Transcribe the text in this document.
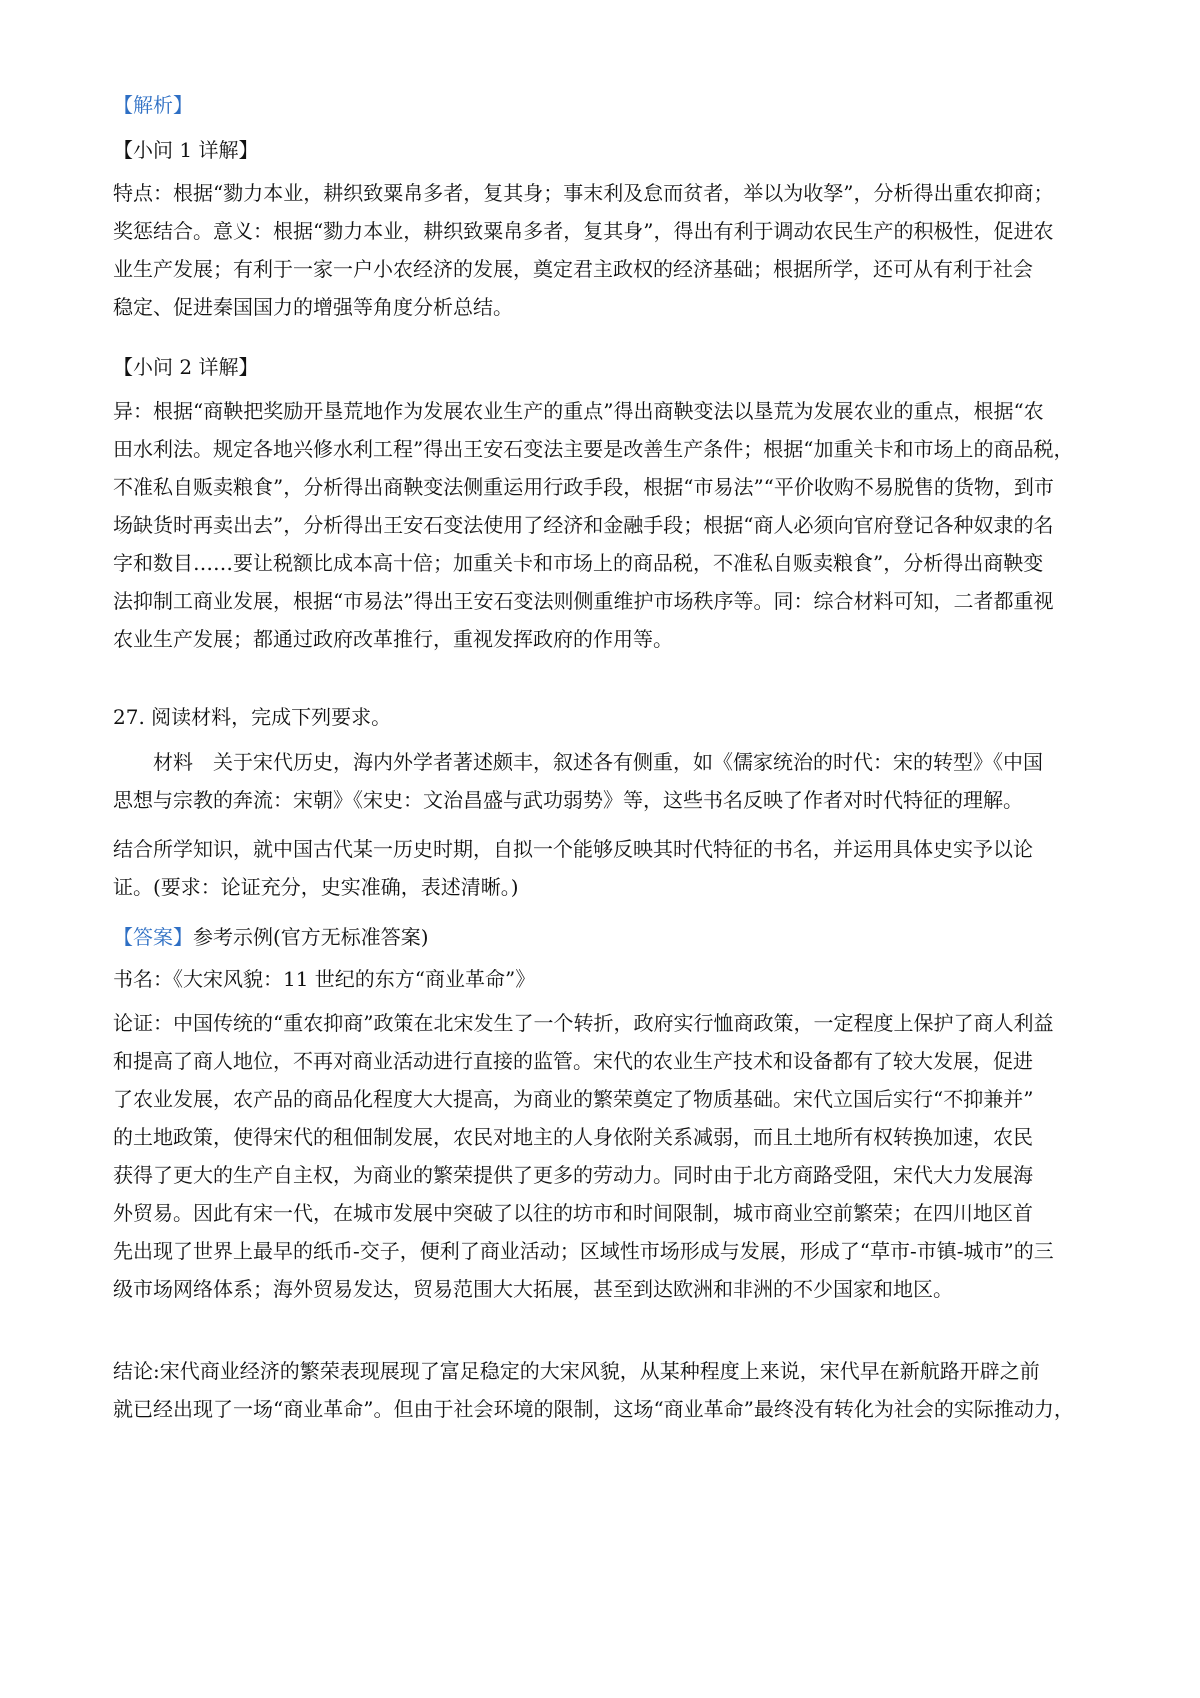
【解析】

【小问 1 详解】

特点：根据“勠力本业，耕织致粟帛多者，复其身；事末利及怠而贫者，举以为收孥”，分析得出重农抑商；
奖惩结合。意义：根据“勠力本业，耕织致粟帛多者，复其身”，得出有利于调动农民生产的积极性，促进农
业生产发展；有利于一家一户小农经济的发展，奠定君主政权的经济基础；根据所学，还可从有利于社会
稳定、促进秦国国力的增强等角度分析总结。

【小问 2 详解】

异：根据“商鞅把奖励开垦荒地作为发展农业生产的重点”得出商鞅变法以垦荒为发展农业的重点，根据“农
田水利法。规定各地兴修水利工程”得出王安石变法主要是改善生产条件；根据“加重关卡和市场上的商品税，
不准私自贩卖粮食”，分析得出商鞅变法侧重运用行政手段，根据“市易法”“平价收购不易脱售的货物，到市
场缺货时再卖出去”，分析得出王安石变法使用了经济和金融手段；根据“商人必须向官府登记各种奴隶的名
字和数目……要让税额比成本高十倍；加重关卡和市场上的商品税，不准私自贩卖粮食”，分析得出商鞅变
法抑制工商业发展，根据“市易法”得出王安石变法则侧重维护市场秩序等。同：综合材料可知，二者都重视
农业生产发展；都通过政府改革推行，重视发挥政府的作用等。

27. 阅读材料，完成下列要求。

材料　关于宋代历史，海内外学者著述颇丰，叙述各有侧重，如《儒家统治的时代：宋的转型》《中国
思想与宗教的奔流：宋朝》《宋史：文治昌盛与武功弱势》等，这些书名反映了作者对时代特征的理解。
结合所学知识，就中国古代某一历史时期，自拟一个能够反映其时代特征的书名，并运用具体史实予以论
证。(要求：论证充分，史实准确，表述清晰。)

【答案】参考示例(官方无标准答案)

书名：《大宋风貌：11 世纪的东方“商业革命”》

论证：中国传统的“重农抑商”政策在北宋发生了一个转折，政府实行恤商政策，一定程度上保护了商人利益
和提高了商人地位，不再对商业活动进行直接的监管。宋代的农业生产技术和设备都有了较大发展，促进
了农业发展，农产品的商品化程度大大提高，为商业的繁荣奠定了物质基础。宋代立国后实行“不抑兼并”
的土地政策，使得宋代的租佃制发展，农民对地主的人身依附关系减弱，而且土地所有权转换加速，农民
获得了更大的生产自主权，为商业的繁荣提供了更多的劳动力。同时由于北方商路受阻，宋代大力发展海
外贸易。因此有宋一代，在城市发展中突破了以往的坊市和时间限制，城市商业空前繁荣；在四川地区首
先出现了世界上最早的纸币-交子，便利了商业活动；区域性市场形成与发展，形成了“草市-市镇-城市”的三
级市场网络体系；海外贸易发达，贸易范围大大拓展，甚至到达欧洲和非洲的不少国家和地区。
结论:宋代商业经济的繁荣表现展现了富足稳定的大宋风貌，从某种程度上来说，宋代早在新航路开辟之前
就已经出现了一场“商业革命”。但由于社会环境的限制，这场“商业革命”最终没有转化为社会的实际推动力，
